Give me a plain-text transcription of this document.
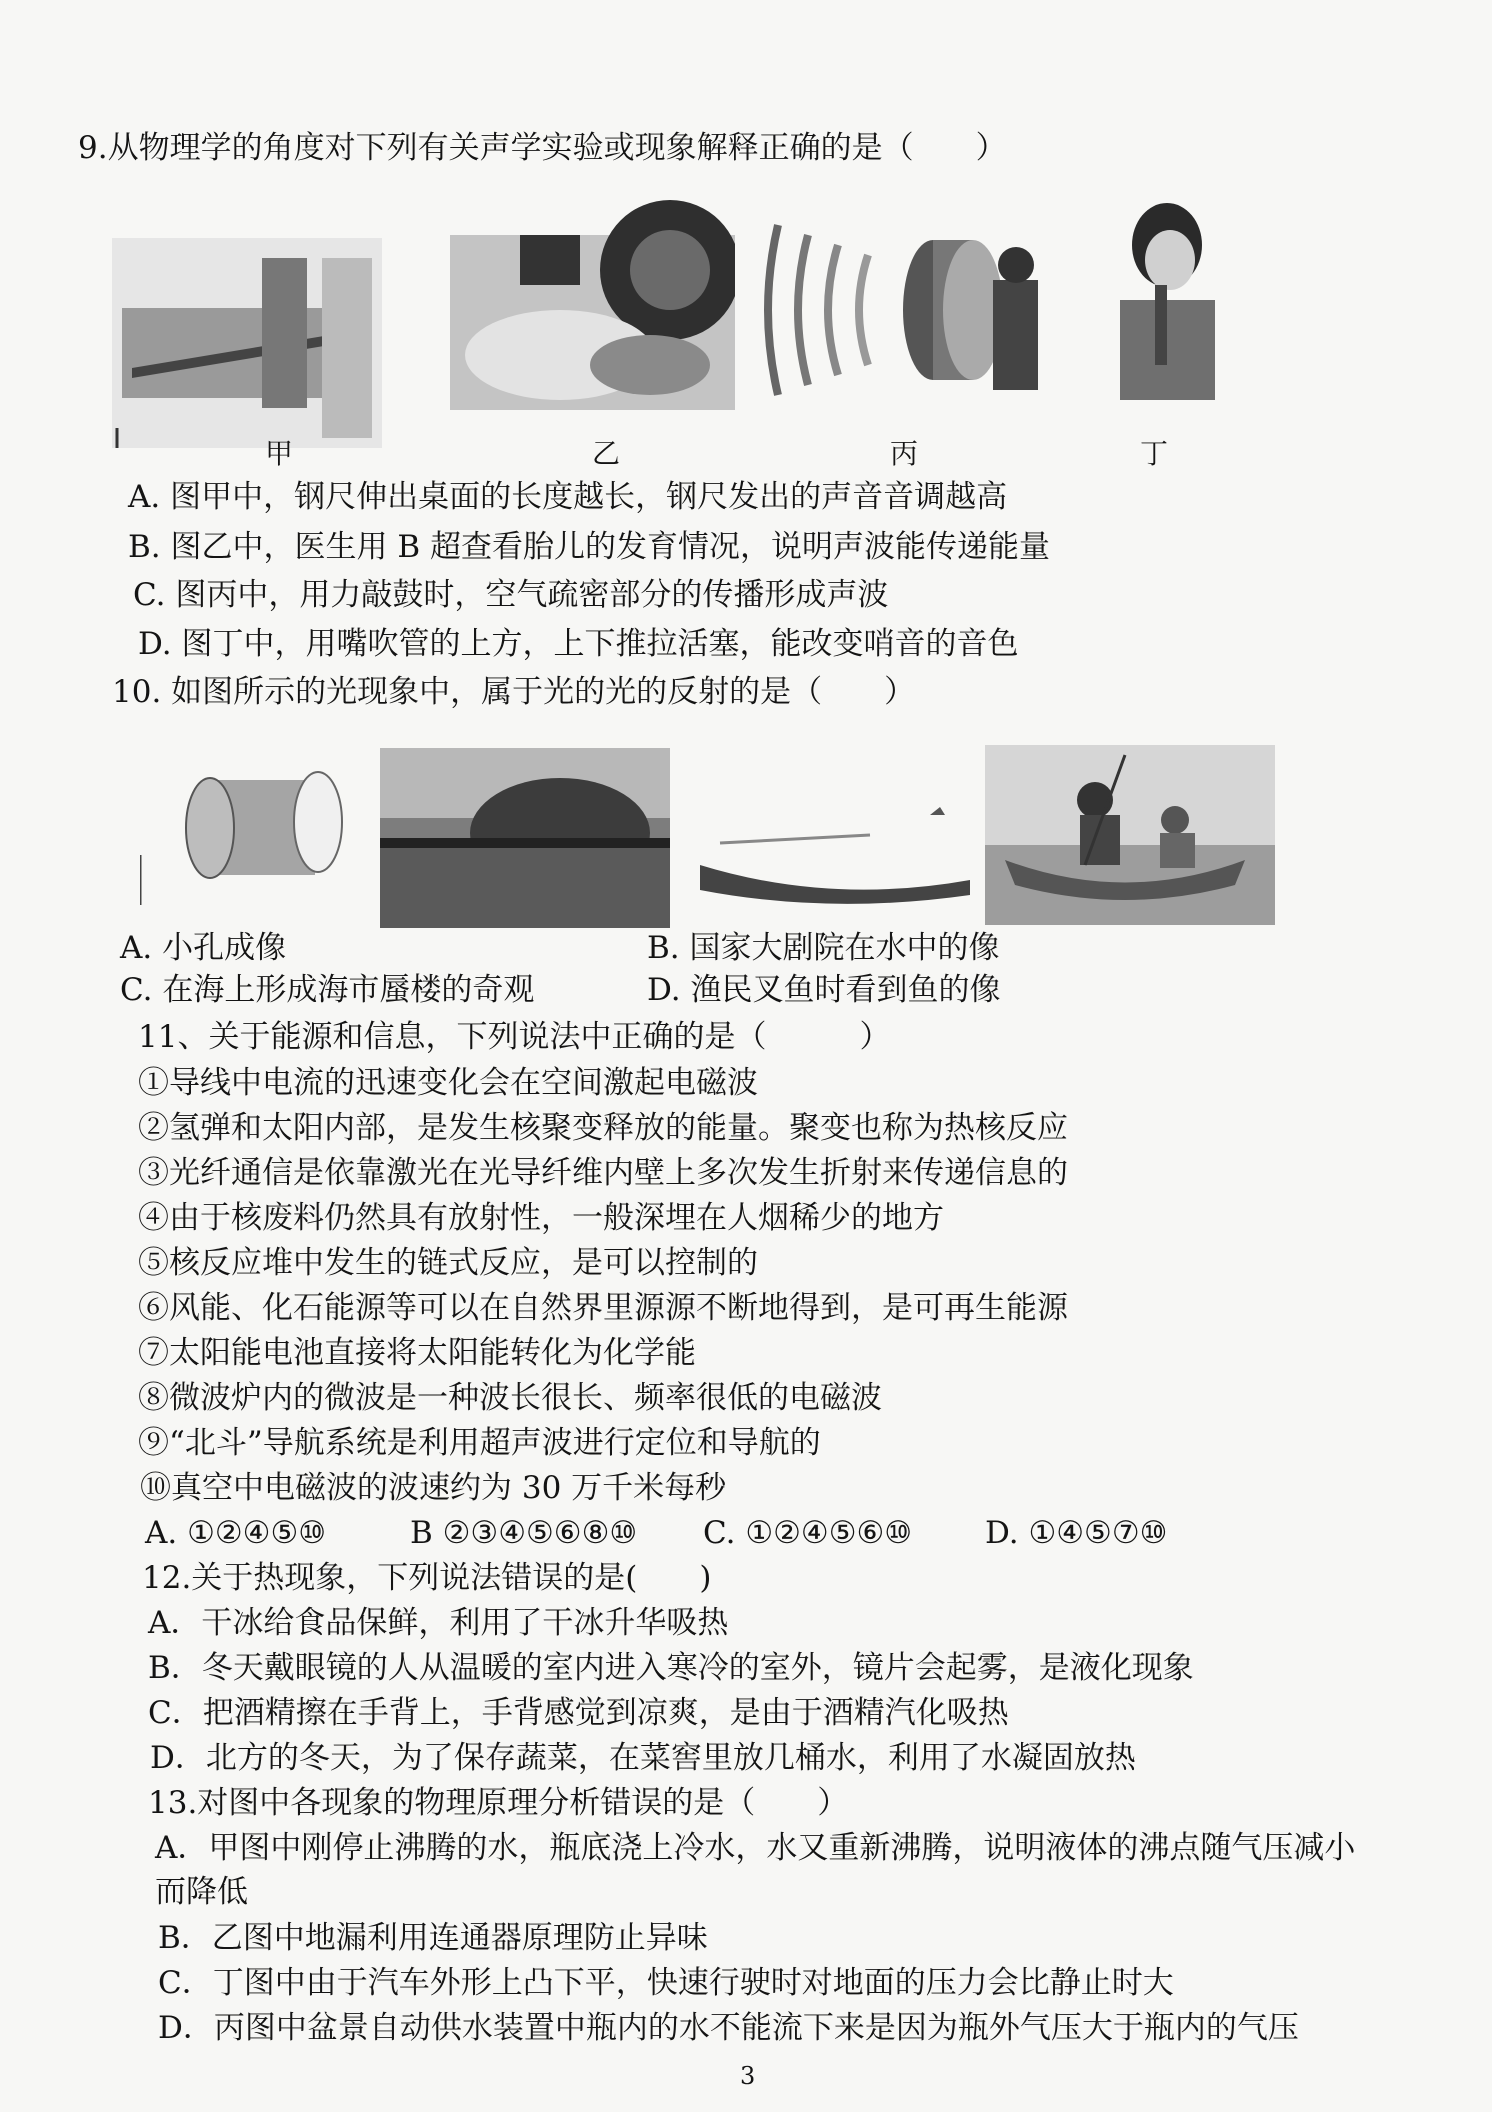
9.从物理学的角度对下列有关声学实验或现象解释正确的是（　　）
甲	乙	丙	丁
A. 图甲中，钢尺伸出桌面的长度越长，钢尺发出的声音音调越高
B. 图乙中，医生用 B 超查看胎儿的发育情况，说明声波能传递能量
C. 图丙中，用力敲鼓时，空气疏密部分的传播形成声波
D. 图丁中，用嘴吹管的上方，上下推拉活塞，能改变哨音的音色
10. 如图所示的光现象中，属于光的光的反射的是（　　）
A. 小孔成像	B. 国家大剧院在水中的像
C. 在海上形成海市蜃楼的奇观	D. 渔民叉鱼时看到鱼的像
11、关于能源和信息，下列说法中正确的是（　　　）
①导线中电流的迅速变化会在空间激起电磁波
②氢弹和太阳内部，是发生核聚变释放的能量。聚变也称为热核反应
③光纤通信是依靠激光在光导纤维内壁上多次发生折射来传递信息的
④由于核废料仍然具有放射性，一般深埋在人烟稀少的地方
⑤核反应堆中发生的链式反应，是可以控制的
⑥风能、化石能源等可以在自然界里源源不断地得到，是可再生能源
⑦太阳能电池直接将太阳能转化为化学能
⑧微波炉内的微波是一种波长很长、频率很低的电磁波
⑨“北斗”导航系统是利用超声波进行定位和导航的
⑩真空中电磁波的波速约为 30 万千米每秒
A. ①②④⑤⑩	B ②③④⑤⑥⑧⑩ C. ①②④⑤⑥⑩ D. ①④⑤⑦⑩
12.关于热现象，下列说法错误的是(　　)
A．干冰给食品保鲜，利用了干冰升华吸热
B．冬天戴眼镜的人从温暖的室内进入寒冷的室外，镜片会起雾，是液化现象
C．把酒精擦在手背上，手背感觉到凉爽，是由于酒精汽化吸热
D．北方的冬天，为了保存蔬菜，在菜窖里放几桶水，利用了水凝固放热
13.对图中各现象的物理原理分析错误的是（　　）
A．甲图中刚停止沸腾的水，瓶底浇上冷水，水又重新沸腾，说明液体的沸点随气压减小
而降低
B．乙图中地漏利用连通器原理防止异味
C．丁图中由于汽车外形上凸下平，快速行驶时对地面的压力会比静止时大
D．丙图中盆景自动供水装置中瓶内的水不能流下来是因为瓶外气压大于瓶内的气压
3
